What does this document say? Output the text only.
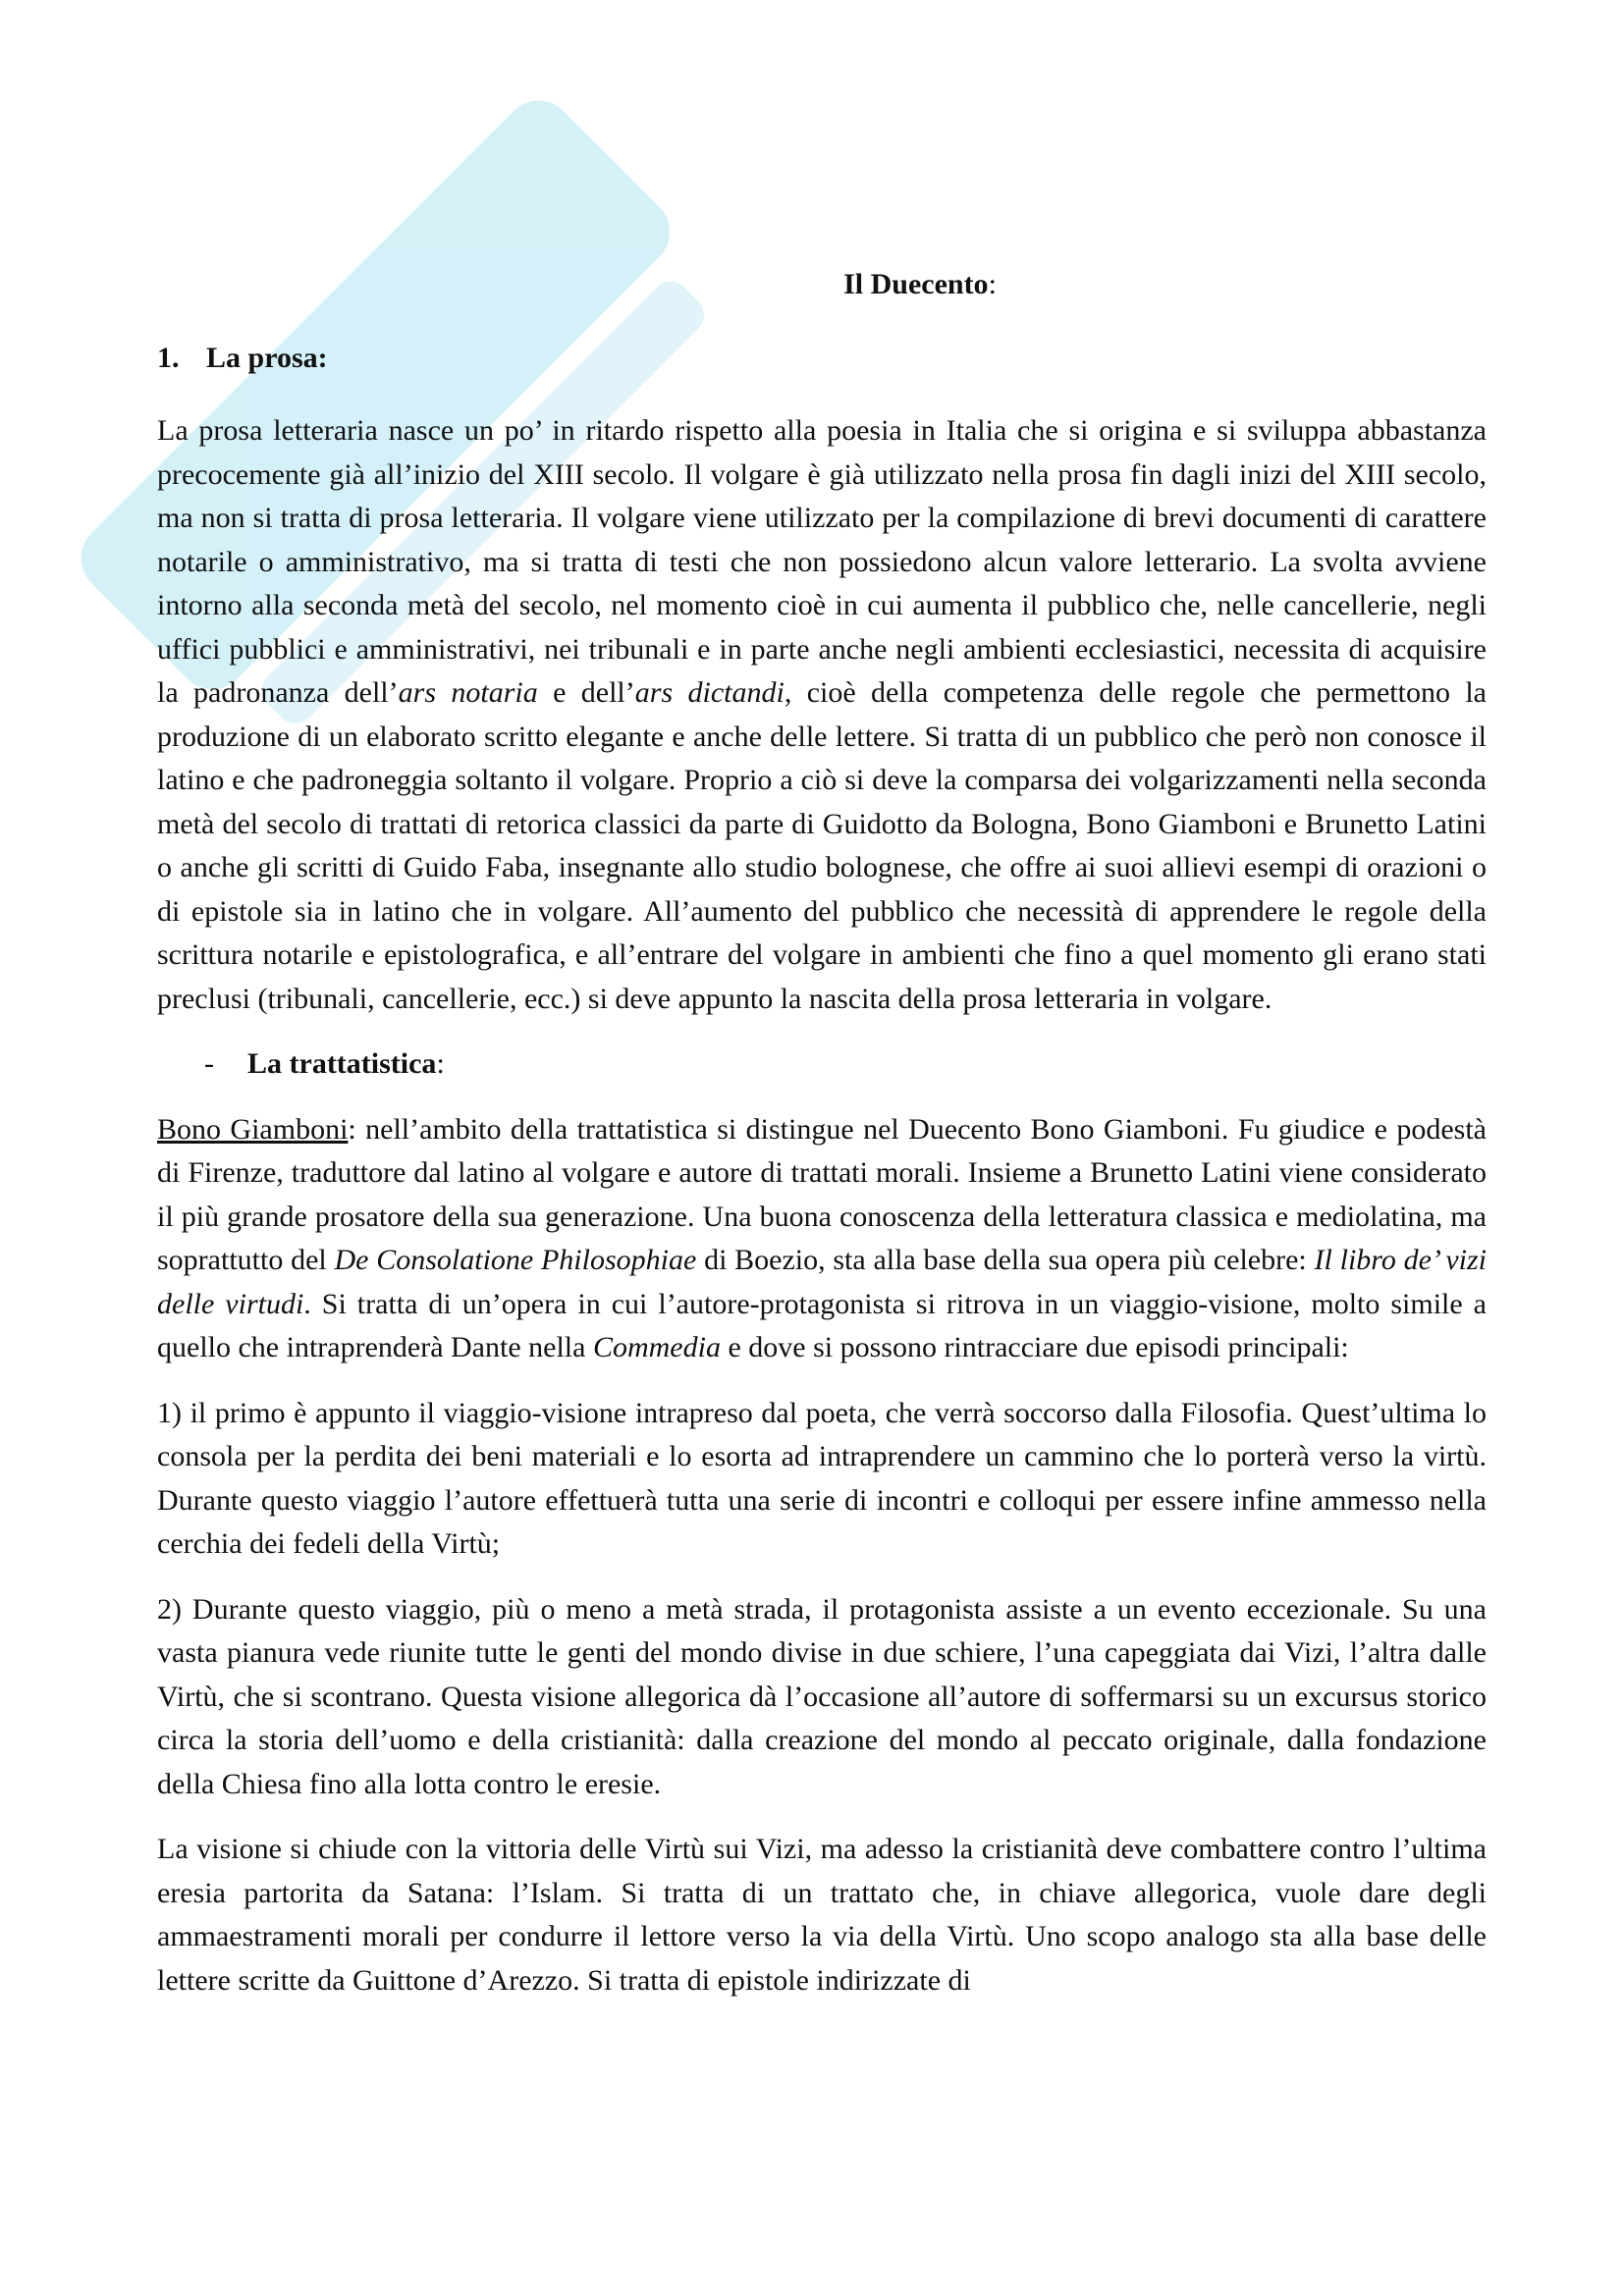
Il Duecento:
1. La prosa:

La prosa letteraria nasce un po’ in ritardo rispetto alla poesia in Italia che si origina e si sviluppa abbastanza precocemente già all’inizio del XIII secolo. Il volgare è già utilizzato nella prosa fin dagli inizi del XIII secolo, ma non si tratta di prosa letteraria. Il volgare viene utilizzato per la compilazione di brevi documenti di carattere notarile o amministrativo, ma si tratta di testi che non possiedono alcun valore letterario. La svolta avviene intorno alla seconda metà del secolo, nel momento cioè in cui aumenta il pubblico che, nelle cancellerie, negli uffici pubblici e amministrativi, nei tribunali e in parte anche negli ambienti ecclesiastici, necessita di acquisire la padronanza dell’ars notaria e dell’ars dictandi, cioè della competenza delle regole che permettono la produzione di un elaborato scritto elegante e anche delle lettere. Si tratta di un pubblico che però non conosce il latino e che padroneggia soltanto il volgare. Proprio a ciò si deve la comparsa dei volgarizzamenti nella seconda metà del secolo di trattati di retorica classici da parte di Guidotto da Bologna, Bono Giamboni e Brunetto Latini o anche gli scritti di Guido Faba, insegnante allo studio bolognese, che offre ai suoi allievi esempi di orazioni o di epistole sia in latino che in volgare. All’aumento del pubblico che necessità di apprendere le regole della scrittura notarile e epistolografica, e all’entrare del volgare in ambienti che fino a quel momento gli erano stati preclusi (tribunali, cancellerie, ecc.) si deve appunto la nascita della prosa letteraria in volgare.

- La trattatistica:

Bono Giamboni: nell’ambito della trattatistica si distingue nel Duecento Bono Giamboni. Fu giudice e podestà di Firenze, traduttore dal latino al volgare e autore di trattati morali. Insieme a Brunetto Latini viene considerato il più grande prosatore della sua generazione. Una buona conoscenza della letteratura classica e mediolatina, ma soprattutto del De Consolatione Philosophiae di Boezio, sta alla base della sua opera più celebre: Il libro de’ vizi delle virtudi. Si tratta di un’opera in cui l’autore-protagonista si ritrova in un viaggio-visione, molto simile a quello che intraprenderà Dante nella Commedia e dove si possono rintracciare due episodi principali:

1) il primo è appunto il viaggio-visione intrapreso dal poeta, che verrà soccorso dalla Filosofia. Quest’ultima lo consola per la perdita dei beni materiali e lo esorta ad intraprendere un cammino che lo porterà verso la virtù. Durante questo viaggio l’autore effettuerà tutta una serie di incontri e colloqui per essere infine ammesso nella cerchia dei fedeli della Virtù;

2) Durante questo viaggio, più o meno a metà strada, il protagonista assiste a un evento eccezionale. Su una vasta pianura vede riunite tutte le genti del mondo divise in due schiere, l’una capeggiata dai Vizi, l’altra dalle Virtù, che si scontrano. Questa visione allegorica dà l’occasione all’autore di soffermarsi su un excursus storico circa la storia dell’uomo e della cristianità: dalla creazione del mondo al peccato originale, dalla fondazione della Chiesa fino alla lotta contro le eresie.

La visione si chiude con la vittoria delle Virtù sui Vizi, ma adesso la cristianità deve combattere contro l’ultima eresia partorita da Satana: l’Islam. Si tratta di un trattato che, in chiave allegorica, vuole dare degli ammaestramenti morali per condurre il lettore verso la via della Virtù. Uno scopo analogo sta alla base delle lettere scritte da Guittone d’Arezzo. Si tratta di epistole indirizzate di
